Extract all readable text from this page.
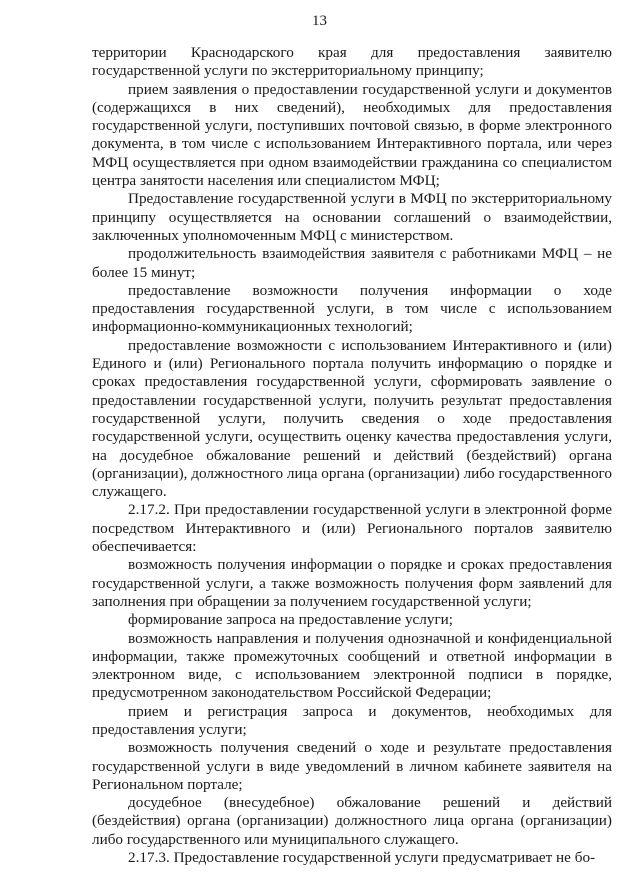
13

территории Краснодарского края для предоставления заявителю государственной услуги по экстерриториальному принципу;

прием заявления о предоставлении государственной услуги и документов (содержащихся в них сведений), необходимых для предоставления государственной услуги, поступивших почтовой связью, в форме электронного документа, в том числе с использованием Интерактивного портала, или через МФЦ осуществляется при одном взаимодействии гражданина со специалистом центра занятости населения или специалистом МФЦ;

Предоставление государственной услуги в МФЦ по экстерриториальному принципу осуществляется на основании соглашений о взаимодействии, заключенных уполномоченным МФЦ с министерством.

продолжительность взаимодействия заявителя с работниками МФЦ – не более 15 минут;

предоставление возможности получения информации о ходе предоставления государственной услуги, в том числе с использованием информационно-коммуникационных технологий;

предоставление возможности с использованием Интерактивного и (или) Единого и (или) Регионального портала получить информацию о порядке и сроках предоставления государственной услуги, сформировать заявление о предоставлении государственной услуги, получить результат предоставления государственной услуги, получить сведения о ходе предоставления государственной услуги, осуществить оценку качества предоставления услуги, на досудебное обжалование решений и действий (бездействий) органа (организации), должностного лица органа (организации) либо государственного служащего.

2.17.2. При предоставлении государственной услуги в электронной форме посредством Интерактивного и (или) Регионального порталов заявителю обеспечивается:

возможность получения информации о порядке и сроках предоставления государственной услуги, а также возможность получения форм заявлений для заполнения при обращении за получением государственной услуги;

формирование запроса на предоставление услуги;

возможность направления и получения однозначной и конфиденциальной информации, также промежуточных сообщений и ответной информации в электронном виде, с использованием электронной подписи в порядке, предусмотренном законодательством Российской Федерации;

прием и регистрация запроса и документов, необходимых для предоставления услуги;

возможность получения сведений о ходе и результате предоставления государственной услуги в виде уведомлений в личном кабинете заявителя на Региональном портале;

досудебное (внесудебное) обжалование решений и действий (бездействия) органа (организации) должностного лица органа (организации) либо государственного или муниципального служащего.

2.17.3. Предоставление государственной услуги предусматривает не бо-
